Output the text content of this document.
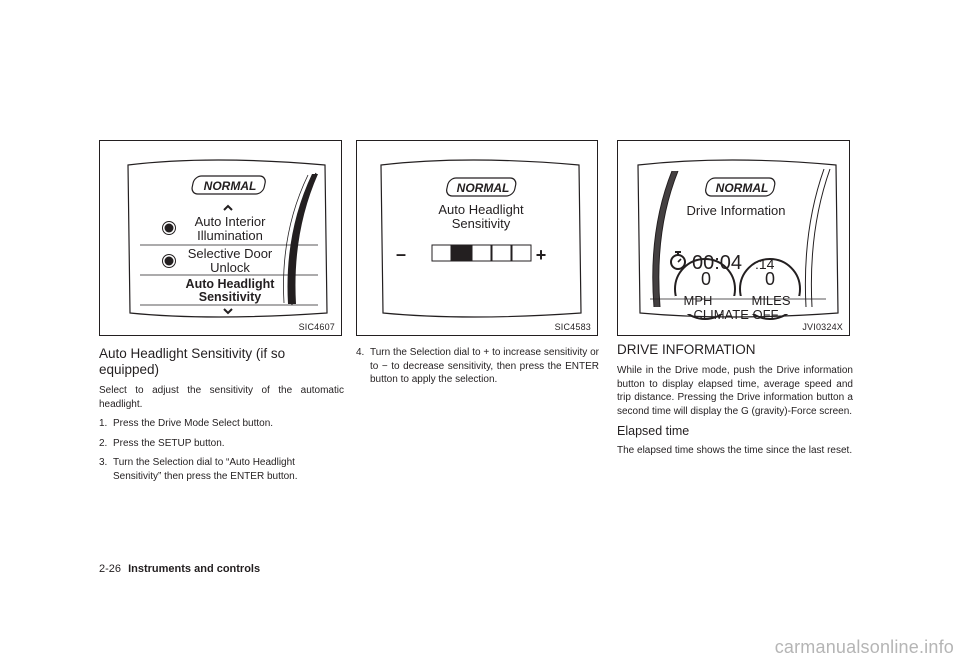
NORMAL
Auto Interior
Illumination
Selective Door
Unlock
Auto Headlight
Sensitivity
SIC4607
NORMAL
Auto Headlight
Sensitivity
–	+
SIC4583
NORMAL
Drive Information
00:04 :14
0	0
MPH	MILES
CLIMATE OFF
JVI0324X
Auto Headlight Sensitivity (if so equipped)
Select to adjust the sensitivity of the automatic headlight.
1. Press the Drive Mode Select button.
2. Press the SETUP button.
3. Turn the Selection dial to “Auto Headlight Sensitivity” then press the ENTER button.
4. Turn the Selection dial to + to increase sensitivity or to − to decrease sensitivity, then press the ENTER button to apply the selection.
DRIVE INFORMATION
While in the Drive mode, push the Drive information button to display elapsed time, average speed and trip distance. Pressing the Drive information button a second time will display the G (gravity)-Force screen.
Elapsed time
The elapsed time shows the time since the last reset.
2-26 Instruments and controls
carmanualsonline.info
